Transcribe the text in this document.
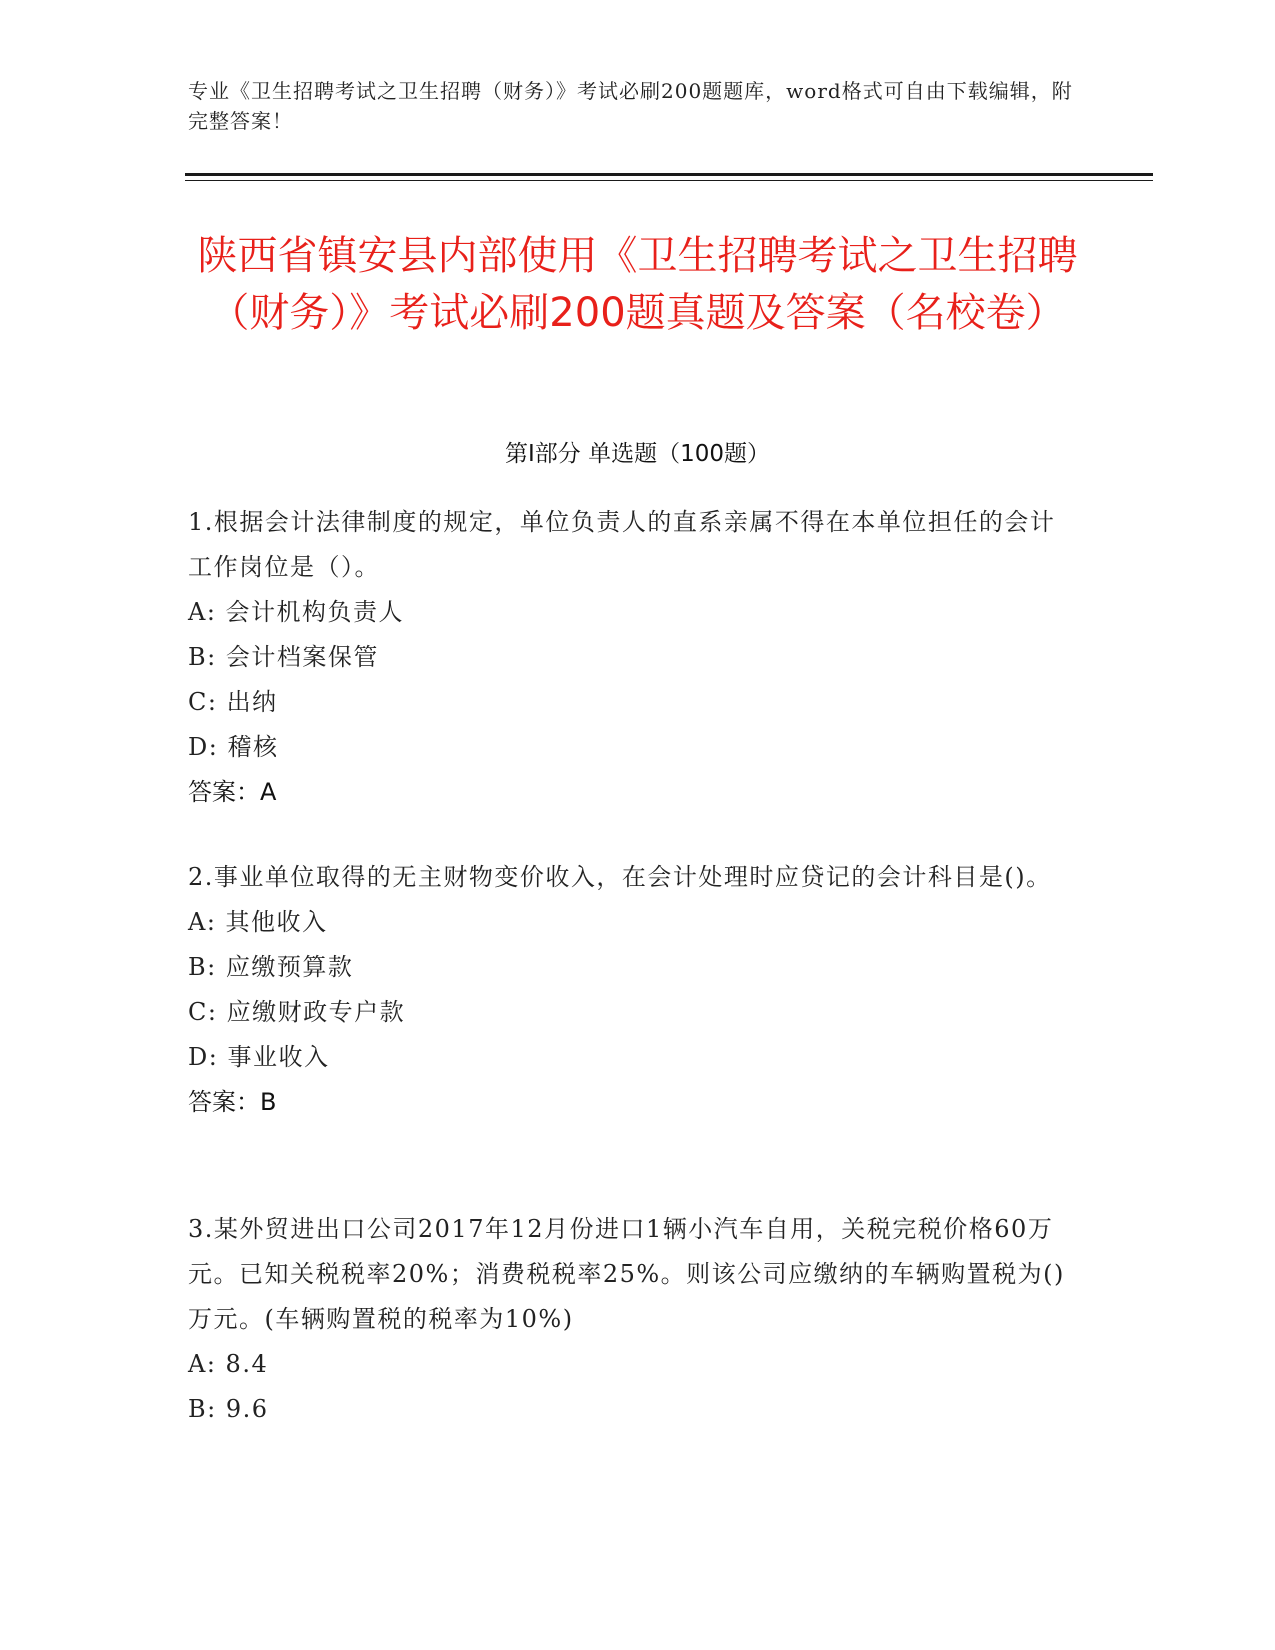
专业《卫生招聘考试之卫生招聘（财务）》考试必刷200题题库，word格式可自由下载编辑，附完整答案！
陕西省镇安县内部使用《卫生招聘考试之卫生招聘（财务）》考试必刷200题真题及答案（名校卷）
第Ⅰ部分 单选题（100题）
1.根据会计法律制度的规定，单位负责人的直系亲属不得在本单位担任的会计工作岗位是（）。
A: 会计机构负责人
B: 会计档案保管
C: 出纳
D: 稽核
答案：A
2.事业单位取得的无主财物变价收入，在会计处理时应贷记的会计科目是()。
A: 其他收入
B: 应缴预算款
C: 应缴财政专户款
D: 事业收入
答案：B
3.某外贸进出口公司2017年12月份进口1辆小汽车自用，关税完税价格60万元。已知关税税率20%；消费税税率25%。则该公司应缴纳的车辆购置税为()万元。(车辆购置税的税率为10%)
A: 8.4
B: 9.6
